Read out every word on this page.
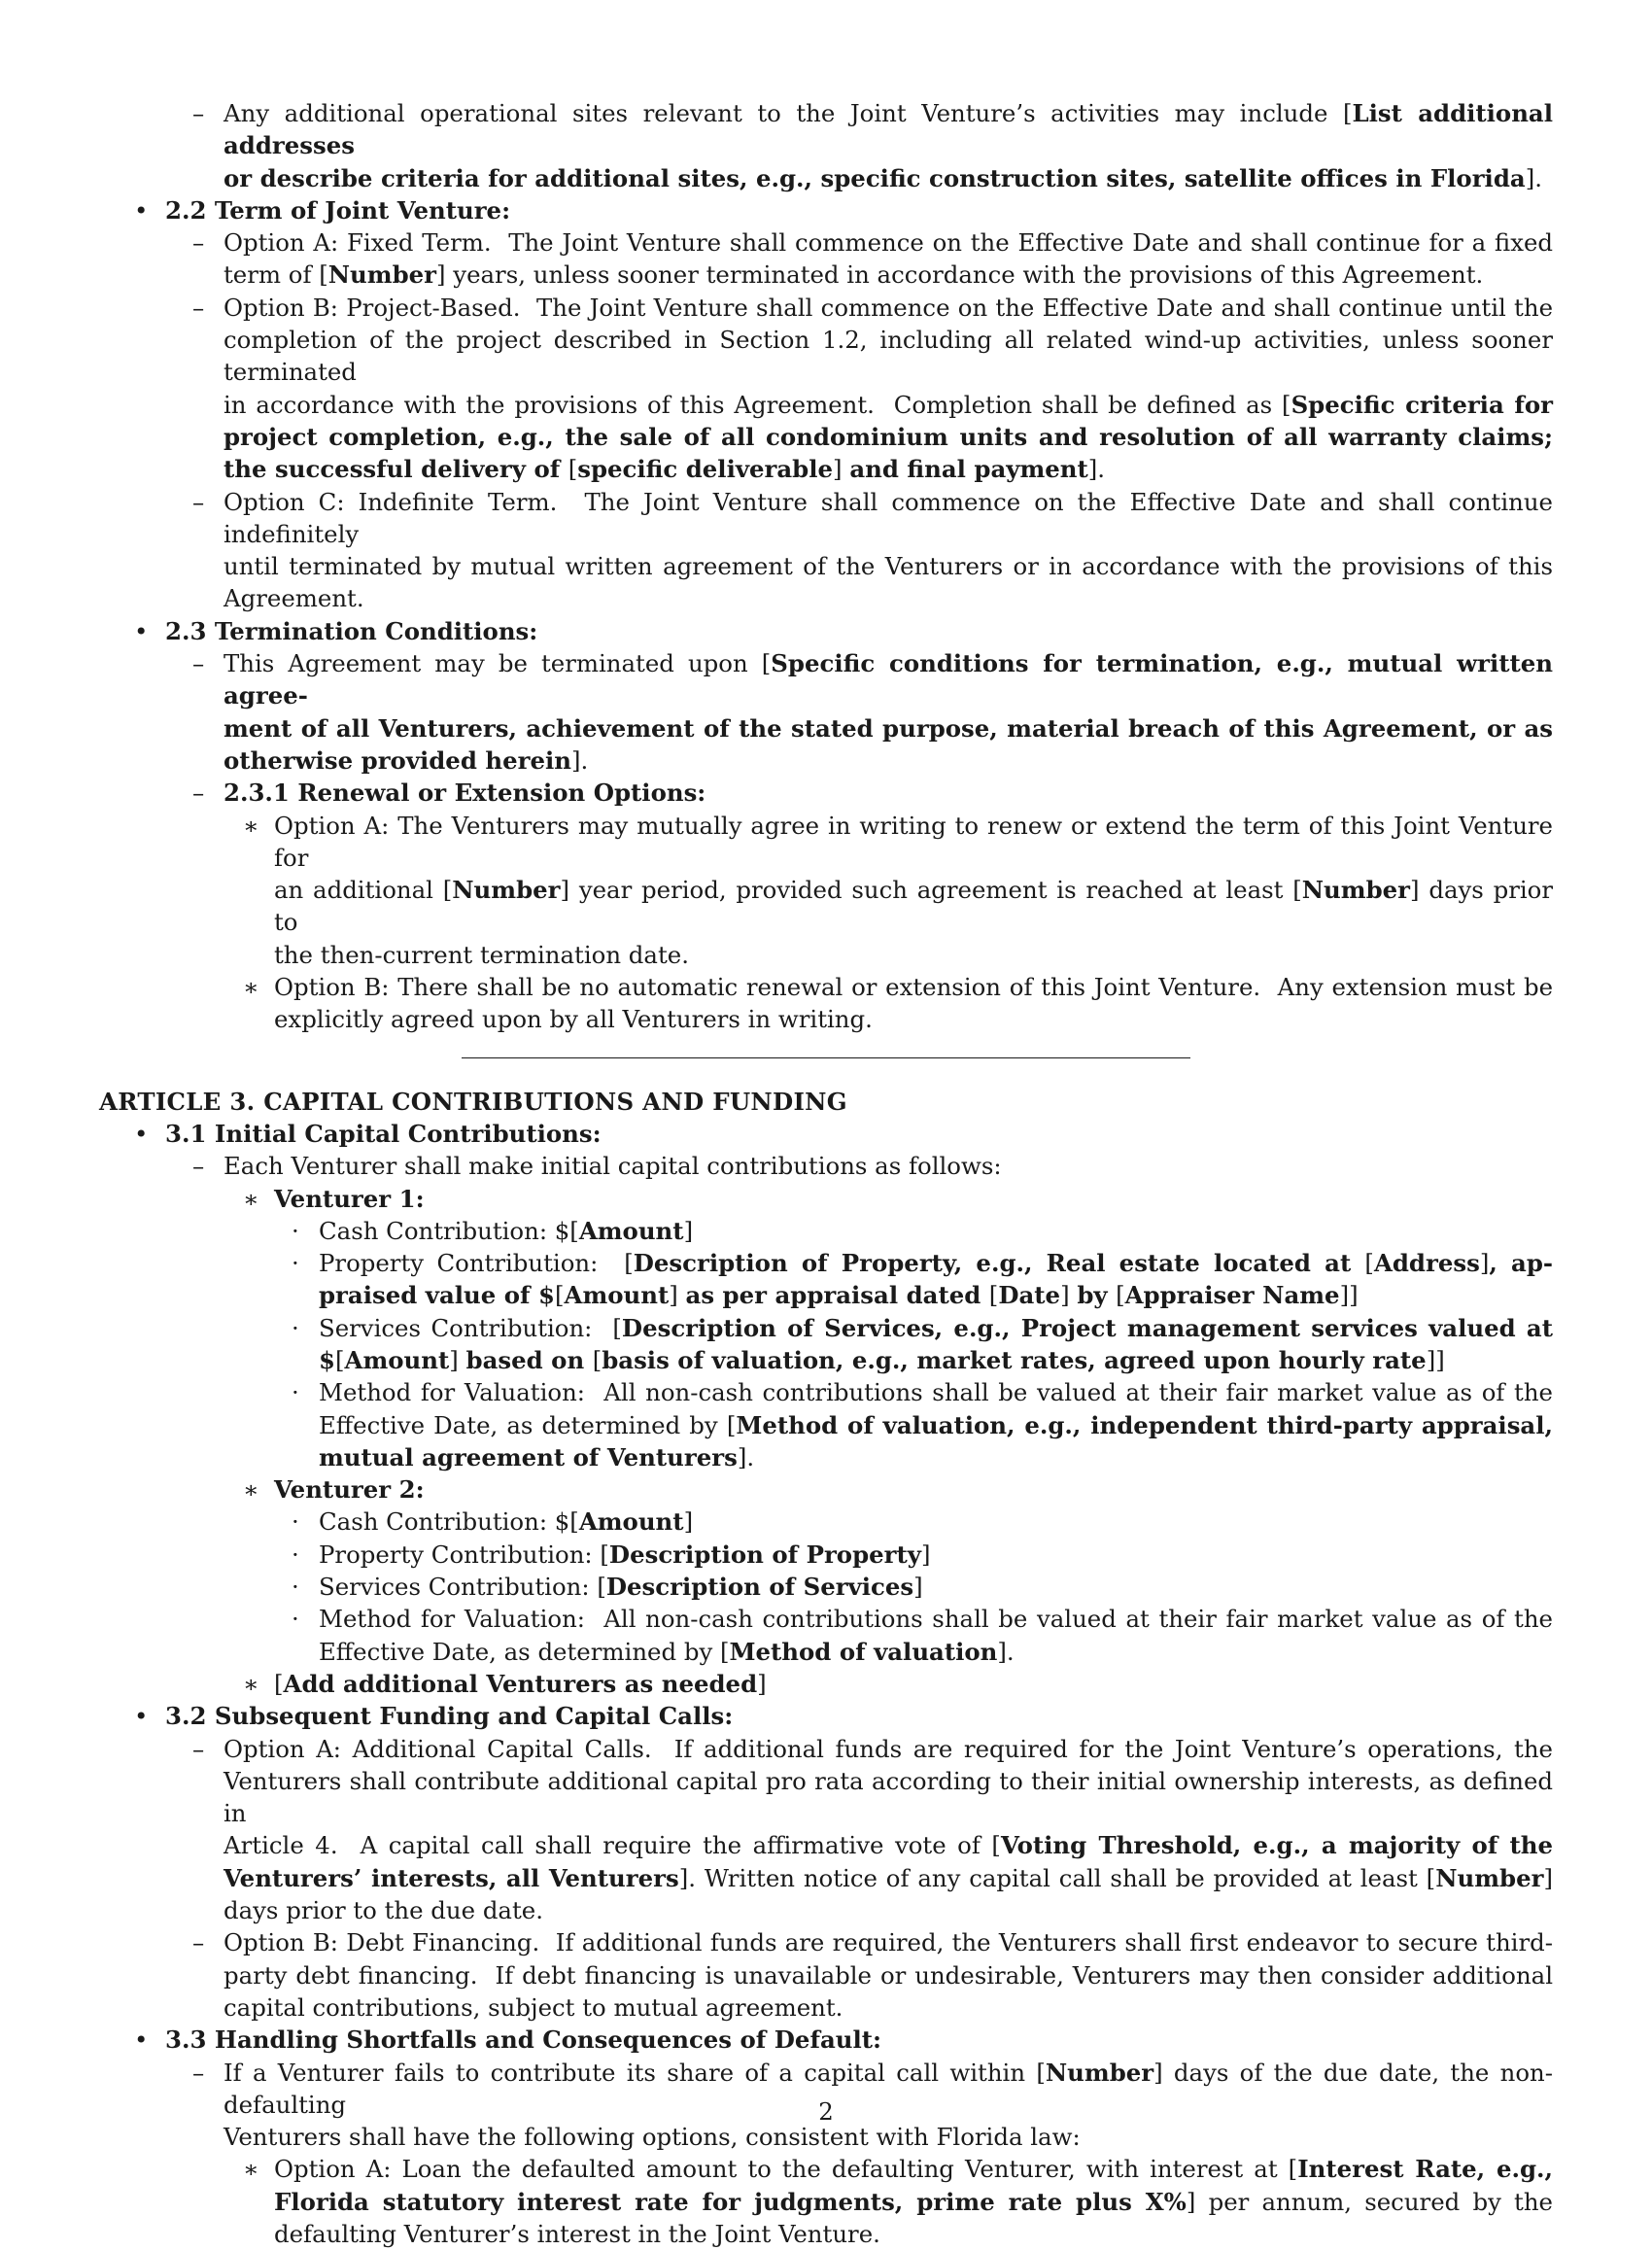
– Any additional operational sites relevant to the Joint Venture’s activities may include [List additional addresses
or describe criteria for additional sites, e.g., specific construction sites, satellite offices in Florida].
• 2.2 Term of Joint Venture:
– Option A: Fixed Term.  The Joint Venture shall commence on the Effective Date and shall continue for a fixed
term of [Number] years, unless sooner terminated in accordance with the provisions of this Agreement.
– Option B: Project-Based.  The Joint Venture shall commence on the Effective Date and shall continue until the
completion of the project described in Section 1.2, including all related wind-up activities, unless sooner terminated
in accordance with the provisions of this Agreement.  Completion shall be defined as [Specific criteria for
project completion, e.g., the sale of all condominium units and resolution of all warranty claims;
the successful delivery of [specific deliverable] and final payment].
– Option C: Indefinite Term.  The Joint Venture shall commence on the Effective Date and shall continue indefinitely
until terminated by mutual written agreement of the Venturers or in accordance with the provisions of this
Agreement.
• 2.3 Termination Conditions:
– This Agreement may be terminated upon [Specific conditions for termination, e.g., mutual written agree-
ment of all Venturers, achievement of the stated purpose, material breach of this Agreement, or as
otherwise provided herein].
– 2.3.1 Renewal or Extension Options:
∗ Option A: The Venturers may mutually agree in writing to renew or extend the term of this Joint Venture for
an additional [Number] year period, provided such agreement is reached at least [Number] days prior to
the then-current termination date.
∗ Option B: There shall be no automatic renewal or extension of this Joint Venture.  Any extension must be
explicitly agreed upon by all Venturers in writing.
ARTICLE 3. CAPITAL CONTRIBUTIONS AND FUNDING
• 3.1 Initial Capital Contributions:
– Each Venturer shall make initial capital contributions as follows:
∗ Venturer 1:
· Cash Contribution: $[Amount]
· Property Contribution:  [Description of Property, e.g., Real estate located at [Address], ap-
praised value of $[Amount] as per appraisal dated [Date] by [Appraiser Name]]
· Services Contribution:  [Description of Services, e.g., Project management services valued at
$[Amount] based on [basis of valuation, e.g., market rates, agreed upon hourly rate]]
· Method for Valuation:  All non-cash contributions shall be valued at their fair market value as of the
Effective Date, as determined by [Method of valuation, e.g., independent third-party appraisal,
mutual agreement of Venturers].
∗ Venturer 2:
· Cash Contribution: $[Amount]
· Property Contribution: [Description of Property]
· Services Contribution: [Description of Services]
· Method for Valuation:  All non-cash contributions shall be valued at their fair market value as of the
Effective Date, as determined by [Method of valuation].
∗ [Add additional Venturers as needed]
• 3.2 Subsequent Funding and Capital Calls:
– Option A: Additional Capital Calls.  If additional funds are required for the Joint Venture’s operations, the
Venturers shall contribute additional capital pro rata according to their initial ownership interests, as defined in
Article 4.  A capital call shall require the affirmative vote of [Voting Threshold, e.g., a majority of the
Venturers’ interests, all Venturers]. Written notice of any capital call shall be provided at least [Number]
days prior to the due date.
– Option B: Debt Financing.  If additional funds are required, the Venturers shall first endeavor to secure third-
party debt financing.  If debt financing is unavailable or undesirable, Venturers may then consider additional
capital contributions, subject to mutual agreement.
• 3.3 Handling Shortfalls and Consequences of Default:
– If a Venturer fails to contribute its share of a capital call within [Number] days of the due date, the non-defaulting
Venturers shall have the following options, consistent with Florida law:
∗ Option A: Loan the defaulted amount to the defaulting Venturer, with interest at [Interest Rate, e.g.,
Florida statutory interest rate for judgments, prime rate plus X%] per annum, secured by the
defaulting Venturer’s interest in the Joint Venture.
2
